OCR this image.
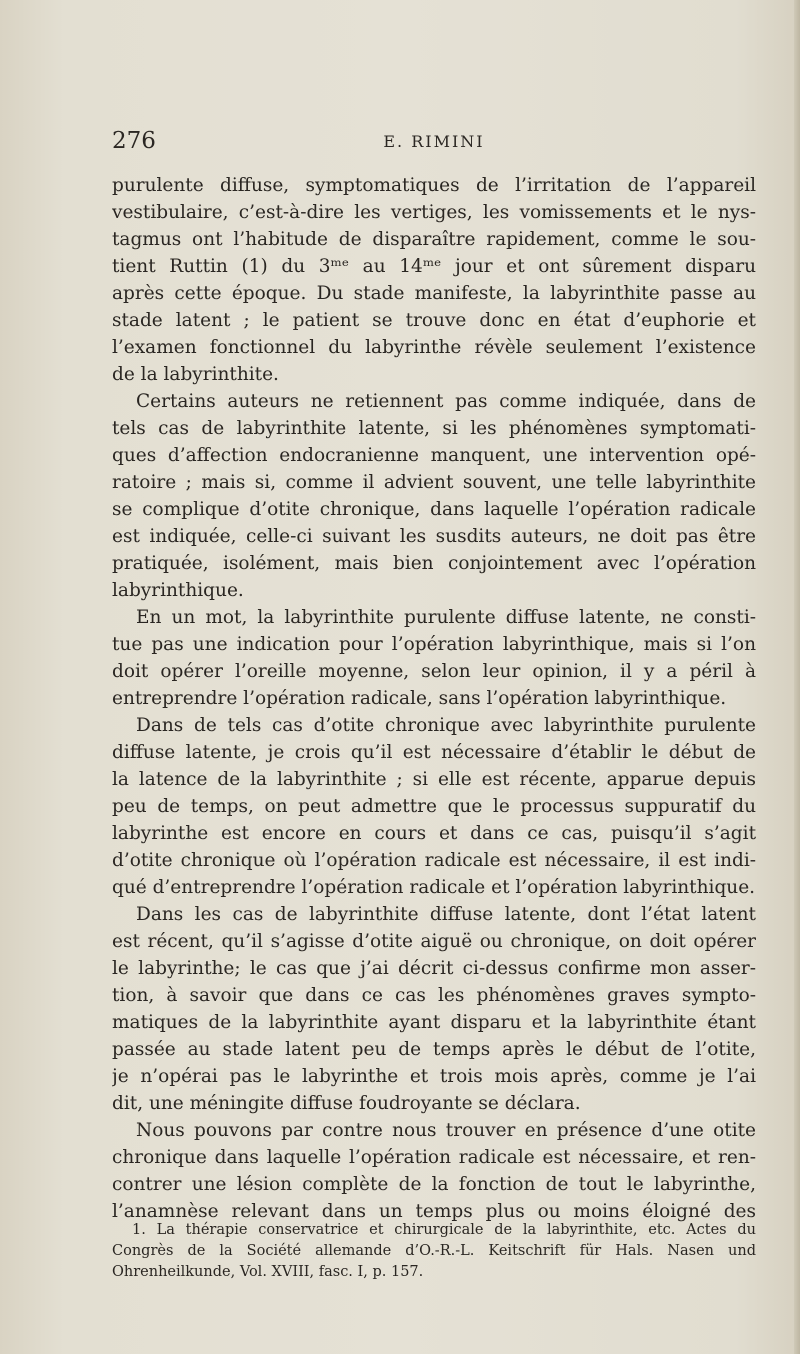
276	E. RIMINI
purulente diffuse, symptomatiques de l’irritation de l’appareil
vestibulaire, c’est-à-dire les vertiges, les vomissements et le nys-
tagmus ont l’habitude de disparaître rapidement, comme le sou-
tient Ruttin (1) du 3ᵐᵉ au 14ᵐᵉ jour et ont sûrement disparu
après cette époque. Du stade manifeste, la labyrinthite passe au
stade latent ; le patient se trouve donc en état d’euphorie et
l’examen fonctionnel du labyrinthe révèle seulement l’existence
de la labyrinthite.
Certains auteurs ne retiennent pas comme indiquée, dans de
tels cas de labyrinthite latente, si les phénomènes symptomati-
ques d’affection endocranienne manquent, une intervention opé-
ratoire ; mais si, comme il advient souvent, une telle labyrinthite
se complique d’otite chronique, dans laquelle l’opération radicale
est indiquée, celle-ci suivant les susdits auteurs, ne doit pas être
pratiquée, isolément, mais bien conjointement avec l’opération
labyrinthique.
En un mot, la labyrinthite purulente diffuse latente, ne consti-
tue pas une indication pour l’opération labyrinthique, mais si l’on
doit opérer l’oreille moyenne, selon leur opinion, il y a péril à
entreprendre l’opération radicale, sans l’opération labyrinthique.
Dans de tels cas d’otite chronique avec labyrinthite purulente
diffuse latente, je crois qu’il est nécessaire d’établir le début de
la latence de la labyrinthite ; si elle est récente, apparue depuis
peu de temps, on peut admettre que le processus suppuratif du
labyrinthe est encore en cours et dans ce cas, puisqu’il s’agit
d’otite chronique où l’opération radicale est nécessaire, il est indi-
qué d’entreprendre l’opération radicale et l’opération labyrinthique.
Dans les cas de labyrinthite diffuse latente, dont l’état latent
est récent, qu’il s’agisse d’otite aiguë ou chronique, on doit opérer
le labyrinthe; le cas que j’ai décrit ci-dessus confirme mon asser-
tion, à savoir que dans ce cas les phénomènes graves sympto-
matiques de la labyrinthite ayant disparu et la labyrinthite étant
passée au stade latent peu de temps après le début de l’otite,
je n’opérai pas le labyrinthe et trois mois après, comme je l’ai
dit, une méningite diffuse foudroyante se déclara.
Nous pouvons par contre nous trouver en présence d’une otite
chronique dans laquelle l’opération radicale est nécessaire, et ren-
contrer une lésion complète de la fonction de tout le labyrinthe,
l’anamnèse relevant dans un temps plus ou moins éloigné des
1. La thérapie conservatrice et chirurgicale de la labyrinthite, etc. Actes du
Congrès de la Société allemande d’O.-R.-L. Keitschrift für Hals. Nasen und
Ohrenheilkunde, Vol. XVIII, fasc. I, p. 157.
